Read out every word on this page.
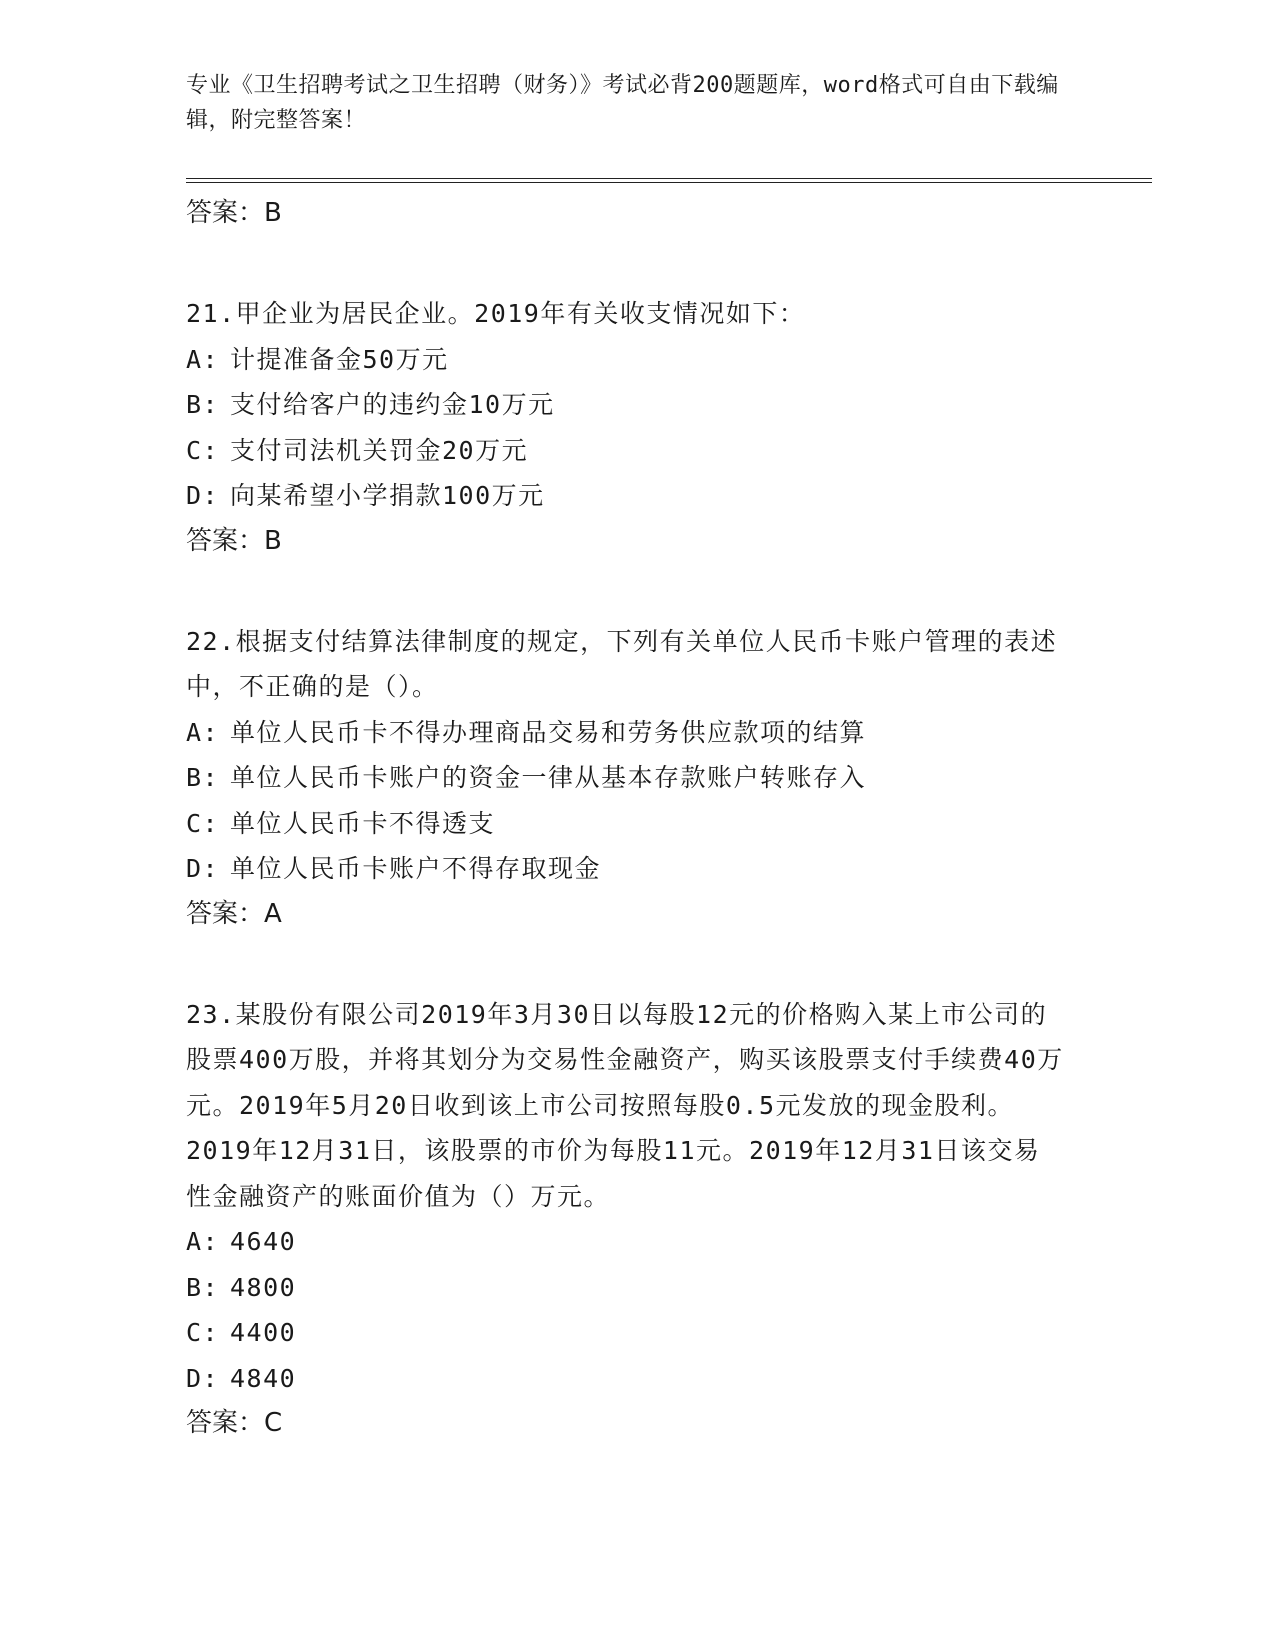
专业《卫生招聘考试之卫生招聘（财务）》考试必背200题题库，word格式可自由下载编辑，附完整答案！

答案：B

21.甲企业为居民企业。2019年有关收支情况如下：

A: 计提准备金50万元

B: 支付给客户的违约金10万元

C: 支付司法机关罚金20万元

D: 向某希望小学捐款100万元

答案：B

22.根据支付结算法律制度的规定，下列有关单位人民币卡账户管理的表述中，不正确的是（）。

A: 单位人民币卡不得办理商品交易和劳务供应款项的结算

B: 单位人民币卡账户的资金一律从基本存款账户转账存入

C: 单位人民币卡不得透支

D: 单位人民币卡账户不得存取现金

答案：A

23.某股份有限公司2019年3月30日以每股12元的价格购入某上市公司的股票400万股，并将其划分为交易性金融资产，购买该股票支付手续费40万元。2019年5月20日收到该上市公司按照每股0.5元发放的现金股利。2019年12月31日，该股票的市价为每股11元。2019年12月31日该交易性金融资产的账面价值为（）万元。

A: 4640

B: 4800

C: 4400

D: 4840

答案：C
